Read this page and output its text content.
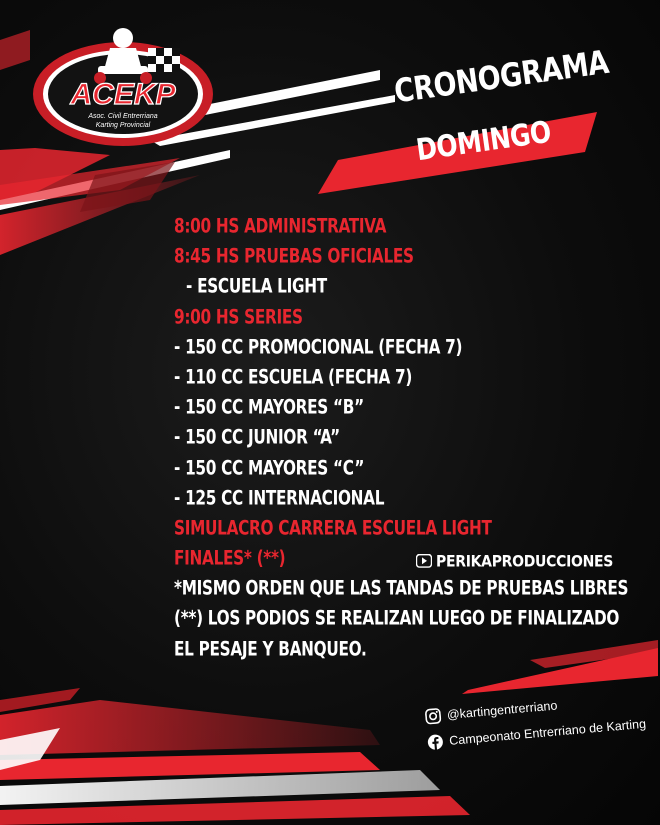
ACEKP
Asoc. Civil Entrerriana
Karting Provincial
CRONOGRAMA
DOMINGO
8:00 HS ADMINISTRATIVA
8:45 HS PRUEBAS OFICIALES
- ESCUELA LIGHT
9:00 HS SERIES
- 150 CC PROMOCIONAL (FECHA 7)
- 110 CC ESCUELA (FECHA 7)
- 150 CC MAYORES “B”
- 150 CC JUNIOR “A”
- 150 CC MAYORES “C”
- 125 CC INTERNACIONAL
SIMULACRO CARRERA ESCUELA LIGHT
FINALES* (**)
*MISMO ORDEN QUE LAS TANDAS DE PRUEBAS LIBRES
(**) LOS PODIOS SE REALIZAN LUEGO DE FINALIZADO
EL PESAJE Y BANQUEO.
PERIKAPRODUCCIONES
@kartingentrerriano
Campeonato Entrerriano de Karting
